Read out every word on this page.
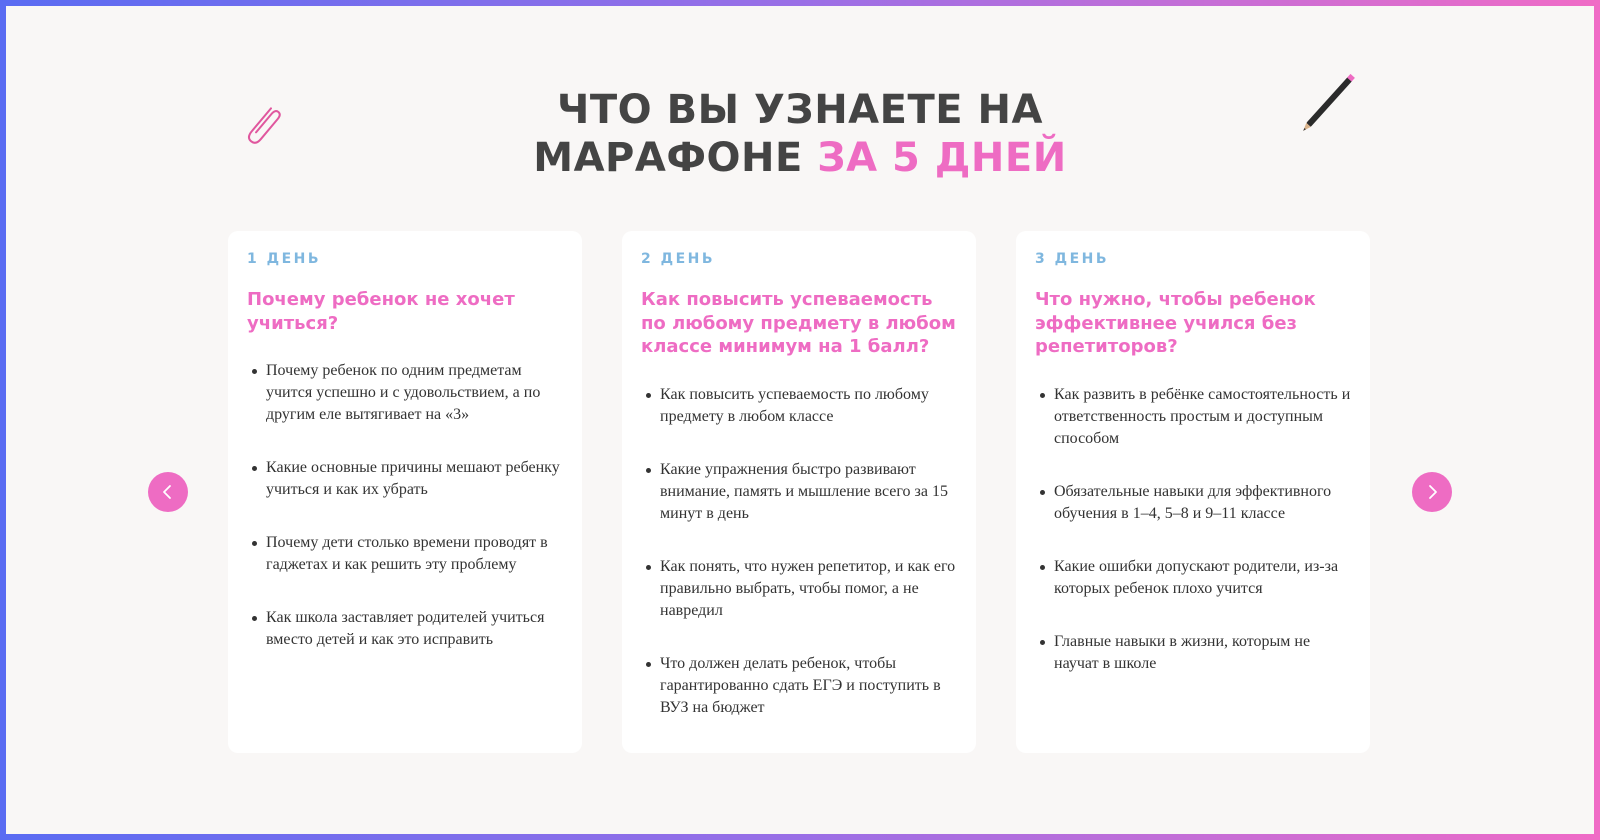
ЧТО ВЫ УЗНАЕТЕ НА
МАРАФОНЕ ЗА 5 ДНЕЙ
1 ДЕНЬ
Почему ребенок не хочет учиться?
Почему ребенок по одним предметам учится успешно и с удовольствием, а по другим еле вытягивает на «3»
Какие основные причины мешают ребенку учиться и как их убрать
Почему дети столько времени проводят в гаджетах и как решить эту проблему
Как школа заставляет родителей учиться вместо детей и как это исправить
2 ДЕНЬ
Как повысить успеваемость по любому предмету в любом классе минимум на 1 балл?
Как повысить успеваемость по любому предмету в любом классе
Какие упражнения быстро развивают внимание, память и мышление всего за 15 минут в день
Как понять, что нужен репетитор, и как его правильно выбрать, чтобы помог, а не навредил
Что должен делать ребенок, чтобы гарантированно сдать ЕГЭ и поступить в ВУЗ на бюджет
3 ДЕНЬ
Что нужно, чтобы ребенок эффективнее учился без репетиторов?
Как развить в ребёнке самостоятельность и ответственность простым и доступным способом
Обязательные навыки для эффективного обучения в 1–4, 5–8 и 9–11 классе
Какие ошибки допускают родители, из-за которых ребенок плохо учится
Главные навыки в жизни, которым не научат в школе
